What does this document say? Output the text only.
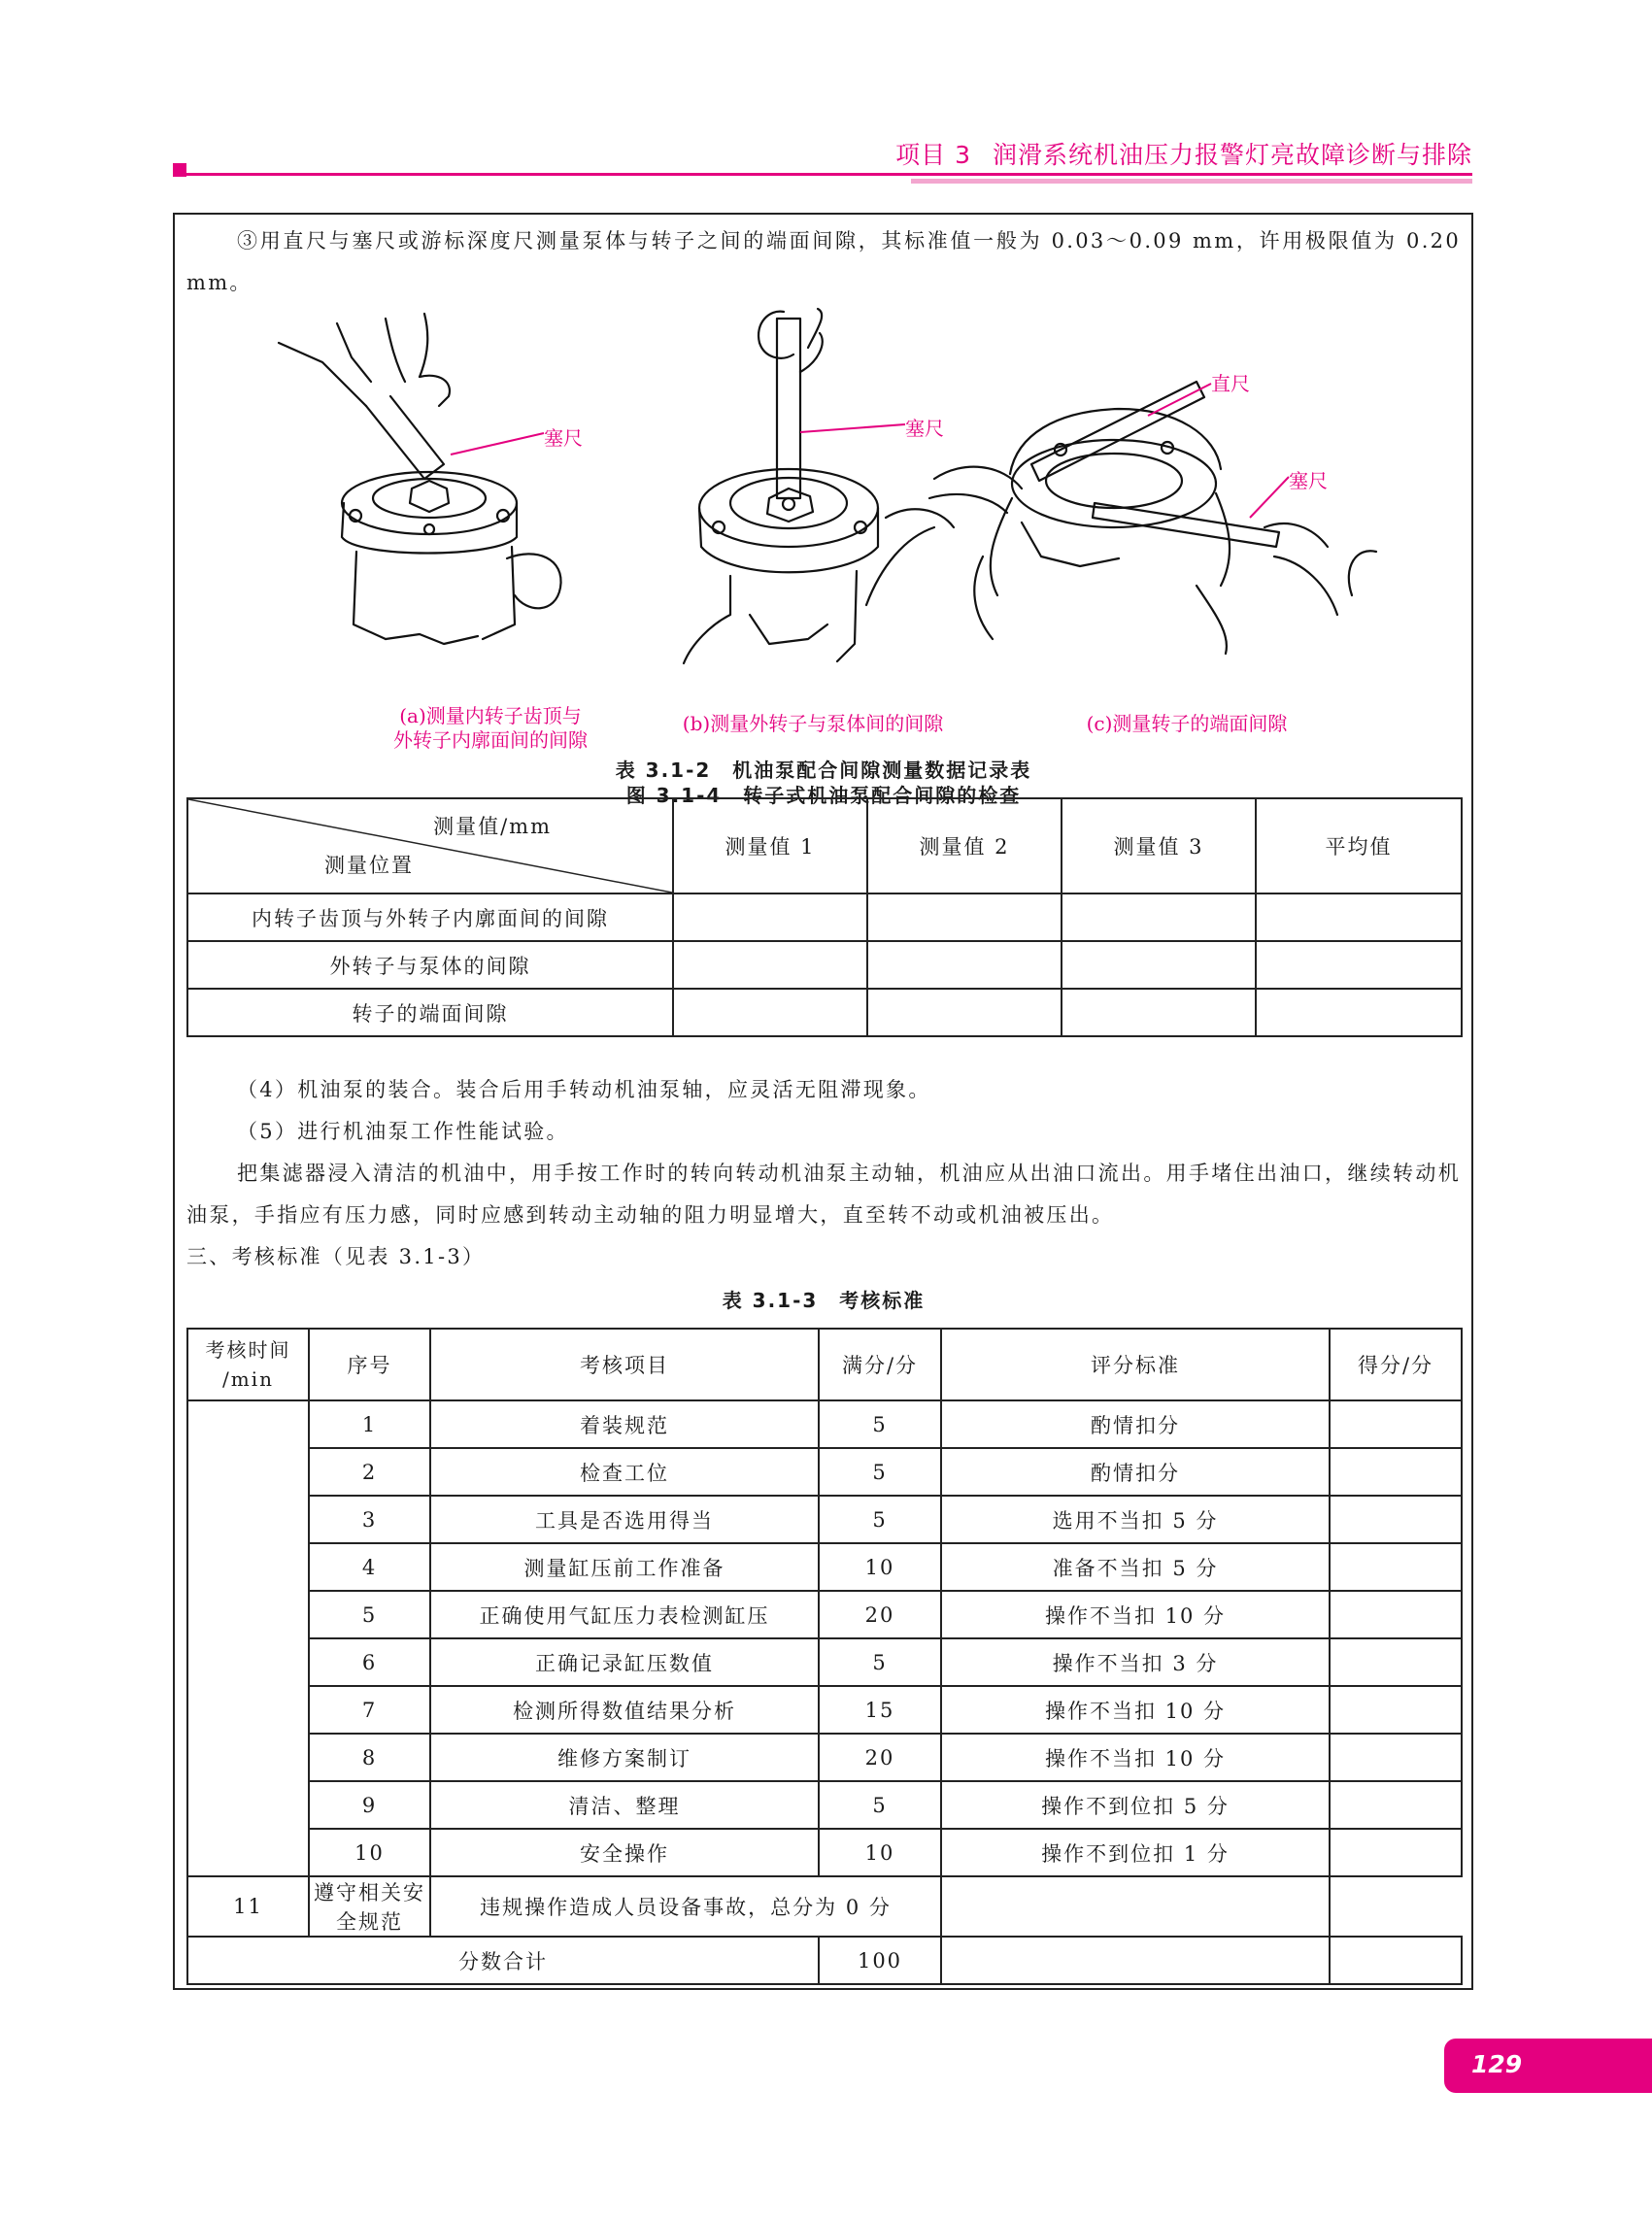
项目 3 润滑系统机油压力报警灯亮故障诊断与排除

③用直尺与塞尺或游标深度尺测量泵体与转子之间的端面间隙，其标准值一般为 0.03～0.09 mm，许用极限值为 0.20 mm。

塞尺	塞尺
直尺
塞尺
(a)测量内转子齿顶与
外转子内廓面间的间隙
(b)测量外转子与泵体间的间隙	(c)测量转子的端面间隙
图 3.1-4　转子式机油泵配合间隙的检查
表 3.1-2　机油泵配合间隙测量数据记录表
测量值/mm
测量位置	测量值 1	测量值 2	测量值 3	平均值
内转子齿顶与外转子内廓面间的间隙				
外转子与泵体的间隙				
转子的端面间隙				

（4）机油泵的装合。装合后用手转动机油泵轴，应灵活无阻滞现象。

（5）进行机油泵工作性能试验。

把集滤器浸入清洁的机油中，用手按工作时的转向转动机油泵主动轴，机油应从出油口流出。用手堵住出油口，继续转动机油泵，手指应有压力感，同时应感到转动主动轴的阻力明显增大，直至转不动或机油被压出。

三、考核标准（见表 3.1-3）

表 3.1-3　考核标准
考核时间
/min	序号	考核项目	满分/分	评分标准	得分/分
	1	着装规范	5	酌情扣分	
	2	检查工位	5	酌情扣分	
	3	工具是否选用得当	5	选用不当扣 5 分	
	4	测量缸压前工作准备	10	准备不当扣 5 分	
	5	正确使用气缸压力表检测缸压	20	操作不当扣 10 分	
	6	正确记录缸压数值	5	操作不当扣 3 分	
	7	检测所得数值结果分析	15	操作不当扣 10 分	
	8	维修方案制订	20	操作不当扣 10 分	
	9	清洁、整理	5	操作不到位扣 5 分	
	10	安全操作	10	操作不到位扣 1 分	
11	遵守相关安全规范	违规操作造成人员设备事故，总分为 0 分			
分数合计			100		
129
